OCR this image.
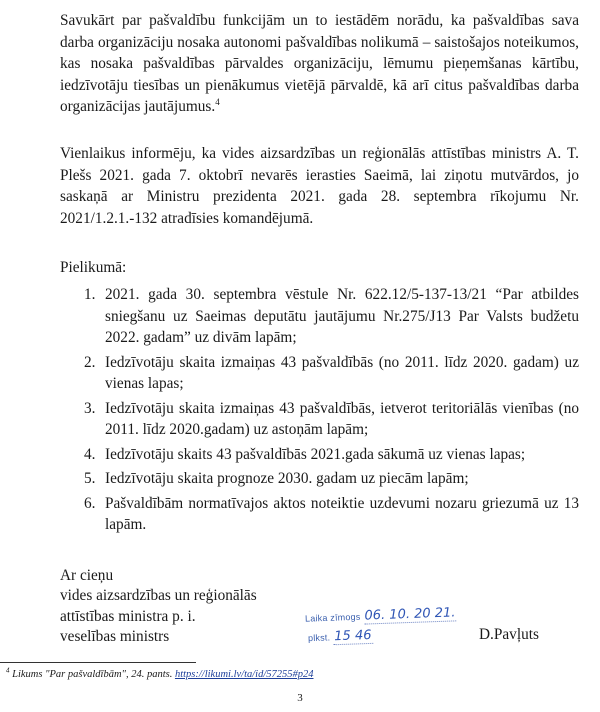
Savukārt par pašvaldību funkcijām un to iestādēm norādu, ka pašvaldības sava darba organizāciju nosaka autonomi pašvaldības nolikumā – saistošajos noteikumos, kas nosaka pašvaldības pārvaldes organizāciju, lēmumu pieņemšanas kārtību, iedzīvotāju tiesības un pienākumus vietējā pārvaldē, kā arī citus pašvaldības darba organizācijas jautājumus.$^4$

Vienlaikus informēju, ka vides aizsardzības un reģionālās attīstības ministrs A. T. Plešs 2021. gada 7. oktobrī nevarēs ierasties Saeimā, lai ziņotu mutvārdos, jo saskaņā ar Ministru prezidenta 2021. gada 28. septembra rīkojumu Nr. 2021/1.2.1.-132 atradīsies komandējumā.

Pielikumā:
1. 2021. gada 30. septembra vēstule Nr. 622.12/5-137-13/21 “Par atbildes sniegšanu uz Saeimas deputātu jautājumu Nr.275/J13 Par Valsts budžetu 2022. gadam” uz divām lapām;
2. Iedzīvotāju skaita izmaiņas 43 pašvaldībās (no 2011. līdz 2020. gadam) uz vienas lapas;
3. Iedzīvotāju skaita izmaiņas 43 pašvaldībās, ietverot teritoriālās vienības (no 2011. līdz 2020.gadam) uz astoņām lapām;
4. Iedzīvotāju skaits 43 pašvaldībās 2021.gada sākumā uz vienas lapas;
5. Iedzīvotāju skaita prognoze 2030. gadam uz piecām lapām;
6. Pašvaldībām normatīvajos aktos noteiktie uzdevumi nozaru griezumā uz 13 lapām.
Ar cieņu
vides aizsardzības un reģionālās
attīstības ministra p. i.
veselības ministrs
Laika zīmogs 06. 10. 20 21.
plkst. 15 46	D.Pavļuts
$^4$ Likums "Par pašvaldībām", 24. pants. https://likumi.lv/ta/id/57255#p24
3
